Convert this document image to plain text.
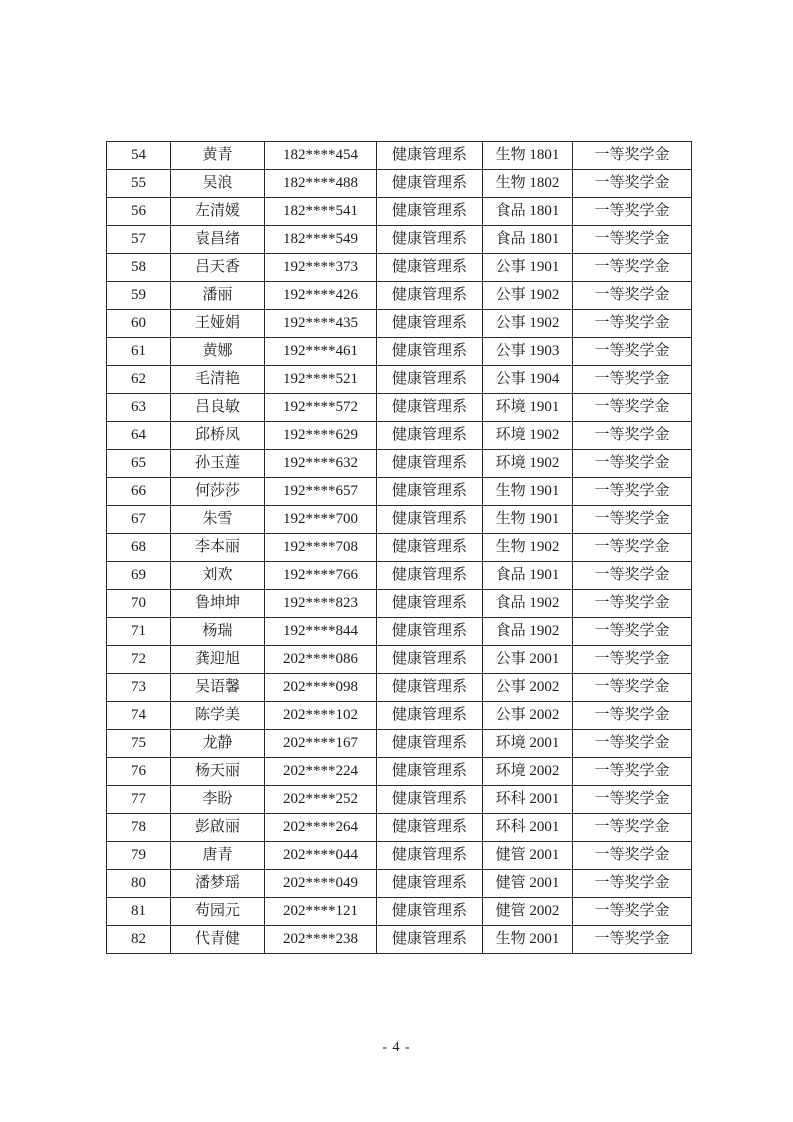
54	黄青	182****454	健康管理系	生物 1801	一等奖学金
55	吴浪	182****488	健康管理系	生物 1802	一等奖学金
56	左清媛	182****541	健康管理系	食品 1801	一等奖学金
57	袁昌绪	182****549	健康管理系	食品 1801	一等奖学金
58	吕天香	192****373	健康管理系	公事 1901	一等奖学金
59	潘丽	192****426	健康管理系	公事 1902	一等奖学金
60	王娅娟	192****435	健康管理系	公事 1902	一等奖学金
61	黄娜	192****461	健康管理系	公事 1903	一等奖学金
62	毛清艳	192****521	健康管理系	公事 1904	一等奖学金
63	吕良敏	192****572	健康管理系	环境 1901	一等奖学金
64	邱桥凤	192****629	健康管理系	环境 1902	一等奖学金
65	孙玉莲	192****632	健康管理系	环境 1902	一等奖学金
66	何莎莎	192****657	健康管理系	生物 1901	一等奖学金
67	朱雪	192****700	健康管理系	生物 1901	一等奖学金
68	李本丽	192****708	健康管理系	生物 1902	一等奖学金
69	刘欢	192****766	健康管理系	食品 1901	一等奖学金
70	鲁坤坤	192****823	健康管理系	食品 1902	一等奖学金
71	杨瑞	192****844	健康管理系	食品 1902	一等奖学金
72	龚迎旭	202****086	健康管理系	公事 2001	一等奖学金
73	吴语馨	202****098	健康管理系	公事 2002	一等奖学金
74	陈学美	202****102	健康管理系	公事 2002	一等奖学金
75	龙静	202****167	健康管理系	环境 2001	一等奖学金
76	杨天丽	202****224	健康管理系	环境 2002	一等奖学金
77	李盼	202****252	健康管理系	环科 2001	一等奖学金
78	彭啟丽	202****264	健康管理系	环科 2001	一等奖学金
79	唐青	202****044	健康管理系	健管 2001	一等奖学金
80	潘梦瑶	202****049	健康管理系	健管 2001	一等奖学金
81	苟园元	202****121	健康管理系	健管 2002	一等奖学金
82	代青健	202****238	健康管理系	生物 2001	一等奖学金
- 4 -
